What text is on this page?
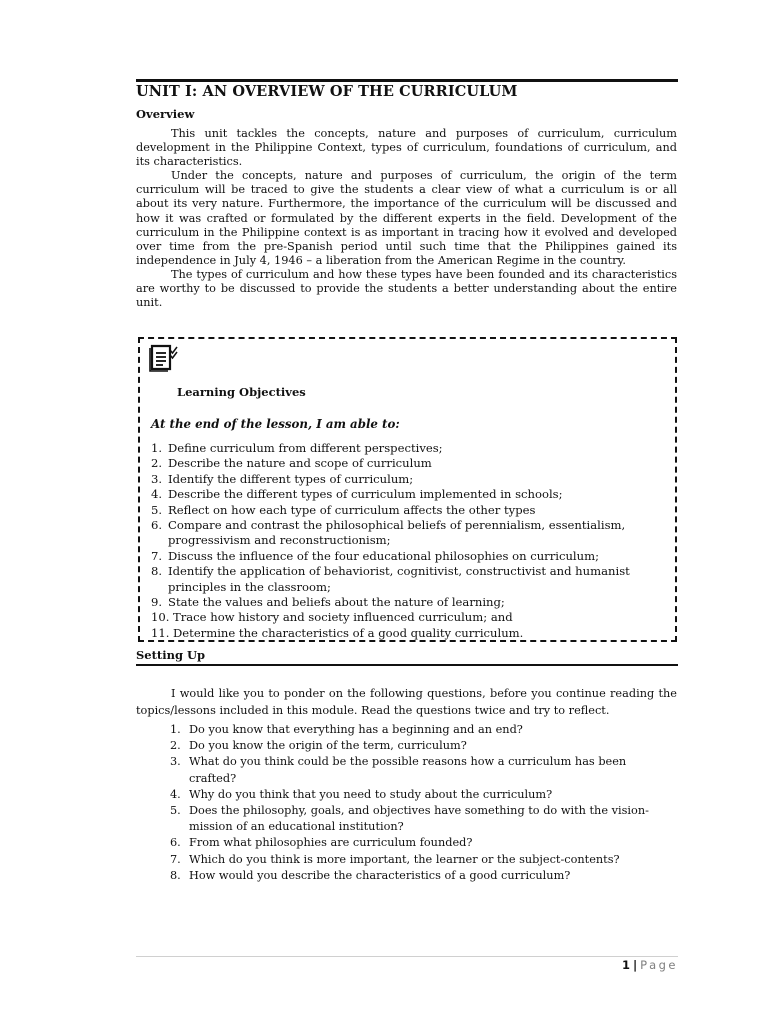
UNIT I: AN OVERVIEW OF THE CURRICULUM
Overview

This unit tackles the concepts, nature and purposes of curriculum, curriculum development in the Philippine Context, types of curriculum, foundations of curriculum, and its characteristics.

Under the concepts, nature and purposes of curriculum, the origin of the term curriculum will be traced to give the students a clear view of what a curriculum is or all about its very nature. Furthermore, the importance of the curriculum will be discussed and how it was crafted or formulated by the different experts in the field. Development of the curriculum in the Philippine context is as important in tracing how it evolved and developed over time from the pre-Spanish period until such time that the Philippines gained its independence in July 4, 1946 – a liberation from the American Regime in the country.

The types of curriculum and how these types have been founded and its characteristics are worthy to be discussed to provide the students a better understanding about the entire unit.

Learning Objectives
At the end of the lesson, I am able to:
1. Define curriculum from different perspectives;
2. Describe the nature and scope of curriculum
3. Identify the different types of curriculum;
4. Describe the different types of curriculum implemented in schools;
5. Reflect on how each type of curriculum affects the other types
6. Compare and contrast the philosophical beliefs of perennialism, essentialism, progressivism and reconstructionism;
7. Discuss the influence of the four educational philosophies on curriculum;
8. Identify the application of behaviorist, cognitivist, constructivist and humanist principles in the classroom;
9. State the values and beliefs about the nature of learning;
10. Trace how history and society influenced curriculum; and
11. Determine the characteristics of a good quality curriculum.
Setting Up

I would like you to ponder on the following questions, before you continue reading the topics/lessons included in this module. Read the questions twice and try to reflect.

1. Do you know that everything has a beginning and an end?
2. Do you know the origin of the term, curriculum?
3. What do you think could be the possible reasons how a curriculum has been crafted?
4. Why do you think that you need to study about the curriculum?
5. Does the philosophy, goals, and objectives have something to do with the vision-mission of an educational institution?
6. From what philosophies are curriculum founded?
7. Which do you think is more important, the learner or the subject-contents?
8. How would you describe the characteristics of a good curriculum?
1 | Page
